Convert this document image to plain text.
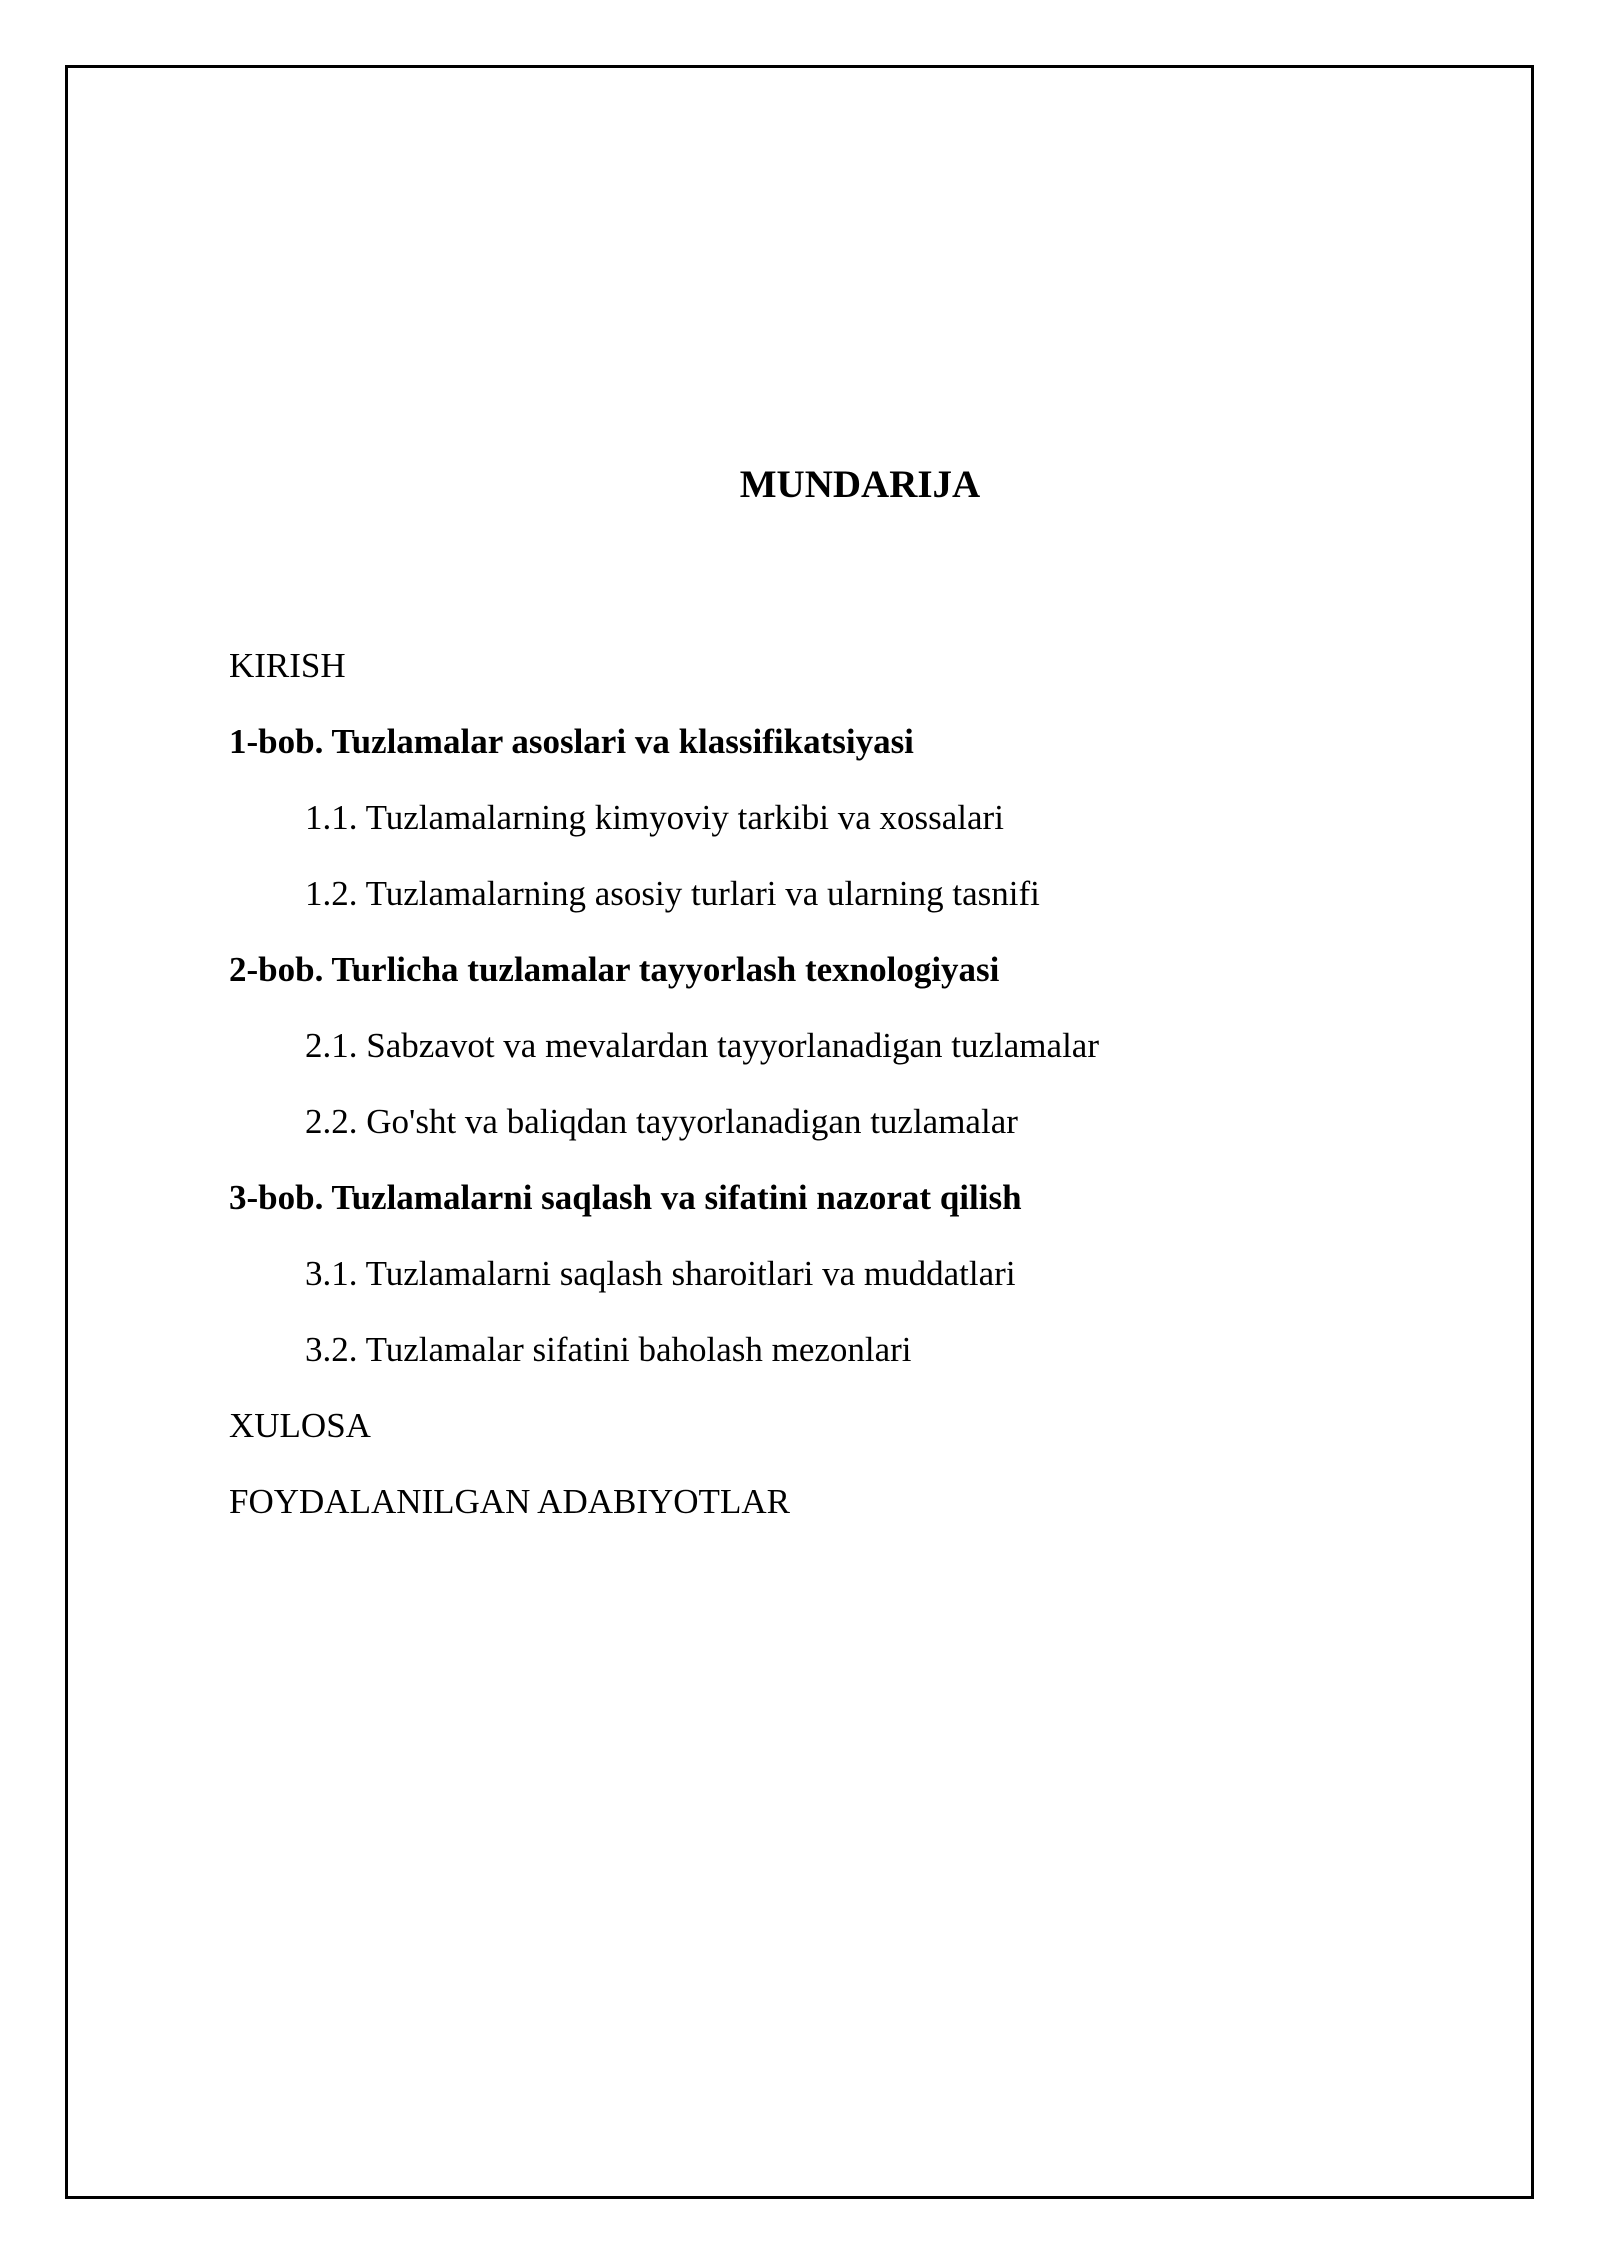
MUNDARIJA
KIRISH
1-bob. Tuzlamalar asoslari va klassifikatsiyasi
1.1. Tuzlamalarning kimyoviy tarkibi va xossalari
1.2. Tuzlamalarning asosiy turlari va ularning tasnifi
2-bob. Turlicha tuzlamalar tayyorlash texnologiyasi
2.1. Sabzavot va mevalardan tayyorlanadigan tuzlamalar
2.2. Go'sht va baliqdan tayyorlanadigan tuzlamalar
3-bob. Tuzlamalarni saqlash va sifatini nazorat qilish
3.1. Tuzlamalarni saqlash sharoitlari va muddatlari
3.2. Tuzlamalar sifatini baholash mezonlari
XULOSA
FOYDALANILGAN ADABIYOTLAR
